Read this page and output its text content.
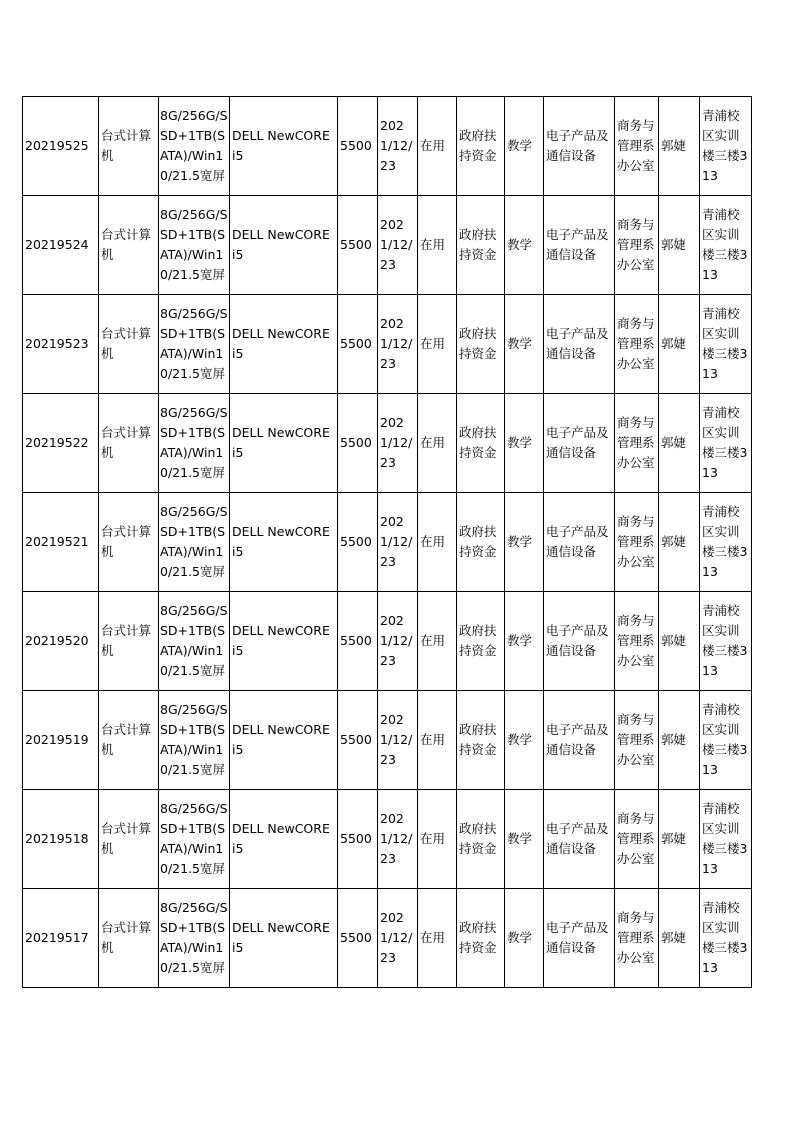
20219525	台式计算机	8G/256G/SSD+1TB(SATA)/Win10/21.5宽屏	DELL NewCORE i5	5500	2021/12/23	在用	政府扶持资金	教学	电子产品及通信设备	商务与管理系办公室	郭婕	青浦校区实训楼三楼313
20219524	台式计算机	8G/256G/SSD+1TB(SATA)/Win10/21.5宽屏	DELL NewCORE i5	5500	2021/12/23	在用	政府扶持资金	教学	电子产品及通信设备	商务与管理系办公室	郭婕	青浦校区实训楼三楼313
20219523	台式计算机	8G/256G/SSD+1TB(SATA)/Win10/21.5宽屏	DELL NewCORE i5	5500	2021/12/23	在用	政府扶持资金	教学	电子产品及通信设备	商务与管理系办公室	郭婕	青浦校区实训楼三楼313
20219522	台式计算机	8G/256G/SSD+1TB(SATA)/Win10/21.5宽屏	DELL NewCORE i5	5500	2021/12/23	在用	政府扶持资金	教学	电子产品及通信设备	商务与管理系办公室	郭婕	青浦校区实训楼三楼313
20219521	台式计算机	8G/256G/SSD+1TB(SATA)/Win10/21.5宽屏	DELL NewCORE i5	5500	2021/12/23	在用	政府扶持资金	教学	电子产品及通信设备	商务与管理系办公室	郭婕	青浦校区实训楼三楼313
20219520	台式计算机	8G/256G/SSD+1TB(SATA)/Win10/21.5宽屏	DELL NewCORE i5	5500	2021/12/23	在用	政府扶持资金	教学	电子产品及通信设备	商务与管理系办公室	郭婕	青浦校区实训楼三楼313
20219519	台式计算机	8G/256G/SSD+1TB(SATA)/Win10/21.5宽屏	DELL NewCORE i5	5500	2021/12/23	在用	政府扶持资金	教学	电子产品及通信设备	商务与管理系办公室	郭婕	青浦校区实训楼三楼313
20219518	台式计算机	8G/256G/SSD+1TB(SATA)/Win10/21.5宽屏	DELL NewCORE i5	5500	2021/12/23	在用	政府扶持资金	教学	电子产品及通信设备	商务与管理系办公室	郭婕	青浦校区实训楼三楼313
20219517	台式计算机	8G/256G/SSD+1TB(SATA)/Win10/21.5宽屏	DELL NewCORE i5	5500	2021/12/23	在用	政府扶持资金	教学	电子产品及通信设备	商务与管理系办公室	郭婕	青浦校区实训楼三楼313
